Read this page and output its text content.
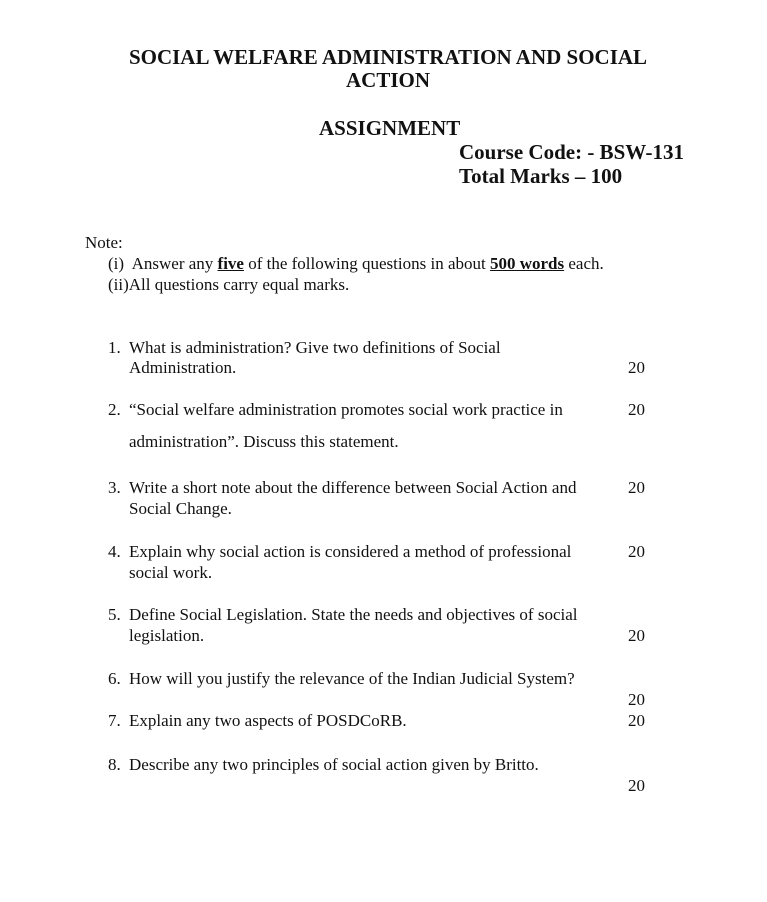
SOCIAL WELFARE ADMINISTRATION AND SOCIAL
ACTION
ASSIGNMENT
Course Code: - BSW-131
Total Marks – 100
Note:
(i) Answer any five of the following questions in about 500 words each.
(ii)All questions carry equal marks.
1. What is administration? Give two definitions of Social
Administration.	20
2. “Social welfare administration promotes social work practice in
administration”. Discuss this statement.
20
3. Write a short note about the difference between Social Action and
Social Change.
20
4. Explain why social action is considered a method of professional
social work.
20
5. Define Social Legislation. State the needs and objectives of social
legislation.	20
6. How will you justify the relevance of the Indian Judicial System?
20
7. Explain any two aspects of POSDCoRB.	20
8. Describe any two principles of social action given by Britto.
20
